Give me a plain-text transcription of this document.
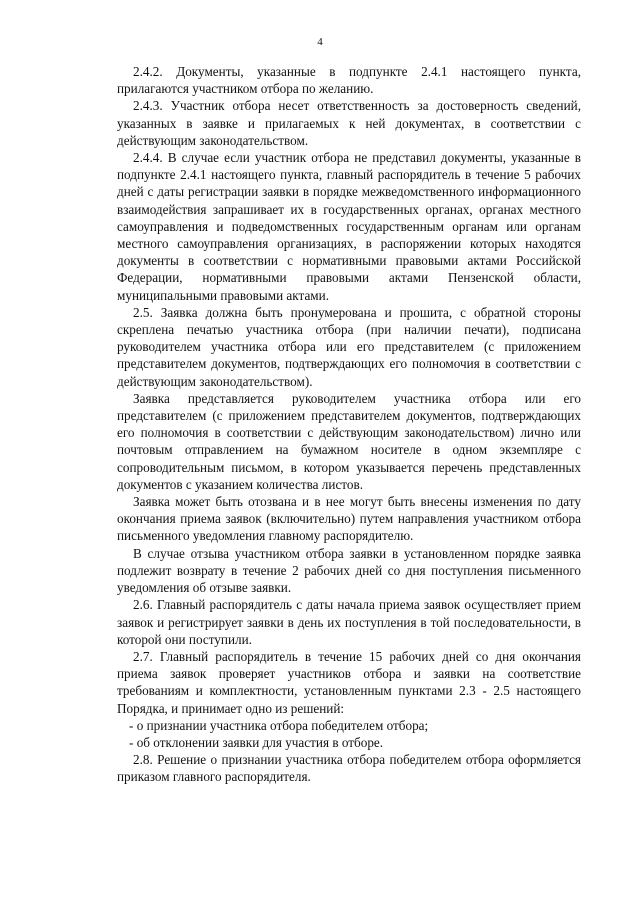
4

2.4.2. Документы, указанные в подпункте 2.4.1 настоящего пункта, прилагаются участником отбора по желанию.

2.4.3. Участник отбора несет ответственность за достоверность сведений, указанных в заявке и прилагаемых к ней документах, в соответствии с действующим законодательством.

2.4.4. В случае если участник отбора не представил документы, указанные в подпункте 2.4.1 настоящего пункта, главный распорядитель в течение 5 рабочих дней с даты регистрации заявки в порядке межведомственного информационного взаимодействия запрашивает их в государственных органах, органах местного самоуправления и подведомственных государственным органам или органам местного самоуправления организациях, в распоряжении которых находятся документы в соответствии с нормативными правовыми актами Российской Федерации, нормативными правовыми актами Пензенской области, муниципальными правовыми актами.

2.5. Заявка должна быть пронумерована и прошита, с обратной стороны скреплена печатью участника отбора (при наличии печати), подписана руководителем участника отбора или его представителем (с приложением представителем документов, подтверждающих его полномочия в соответствии с действующим законодательством).

Заявка представляется руководителем участника отбора или его представителем (с приложением представителем документов, подтверждающих его полномочия в соответствии с действующим законодательством) лично или почтовым отправлением на бумажном носителе в одном экземпляре с сопроводительным письмом, в котором указывается перечень представленных документов с указанием количества листов.

Заявка может быть отозвана и в нее могут быть внесены изменения по дату окончания приема заявок (включительно) путем направления участником отбора письменного уведомления главному распорядителю.

В случае отзыва участником отбора заявки в установленном порядке заявка подлежит возврату в течение 2 рабочих дней со дня поступления письменного уведомления об отзыве заявки.

2.6. Главный распорядитель с даты начала приема заявок осуществляет прием заявок и регистрирует заявки в день их поступления в той последовательности, в которой они поступили.

2.7. Главный распорядитель в течение 15 рабочих дней со дня окончания приема заявок проверяет участников отбора и заявки на соответствие требованиям и комплектности, установленным пунктами 2.3 - 2.5 настоящего Порядка, и принимает одно из решений:

- о признании участника отбора победителем отбора;

- об отклонении заявки для участия в отборе.

2.8. Решение о признании участника отбора победителем отбора оформляется приказом главного распорядителя.
